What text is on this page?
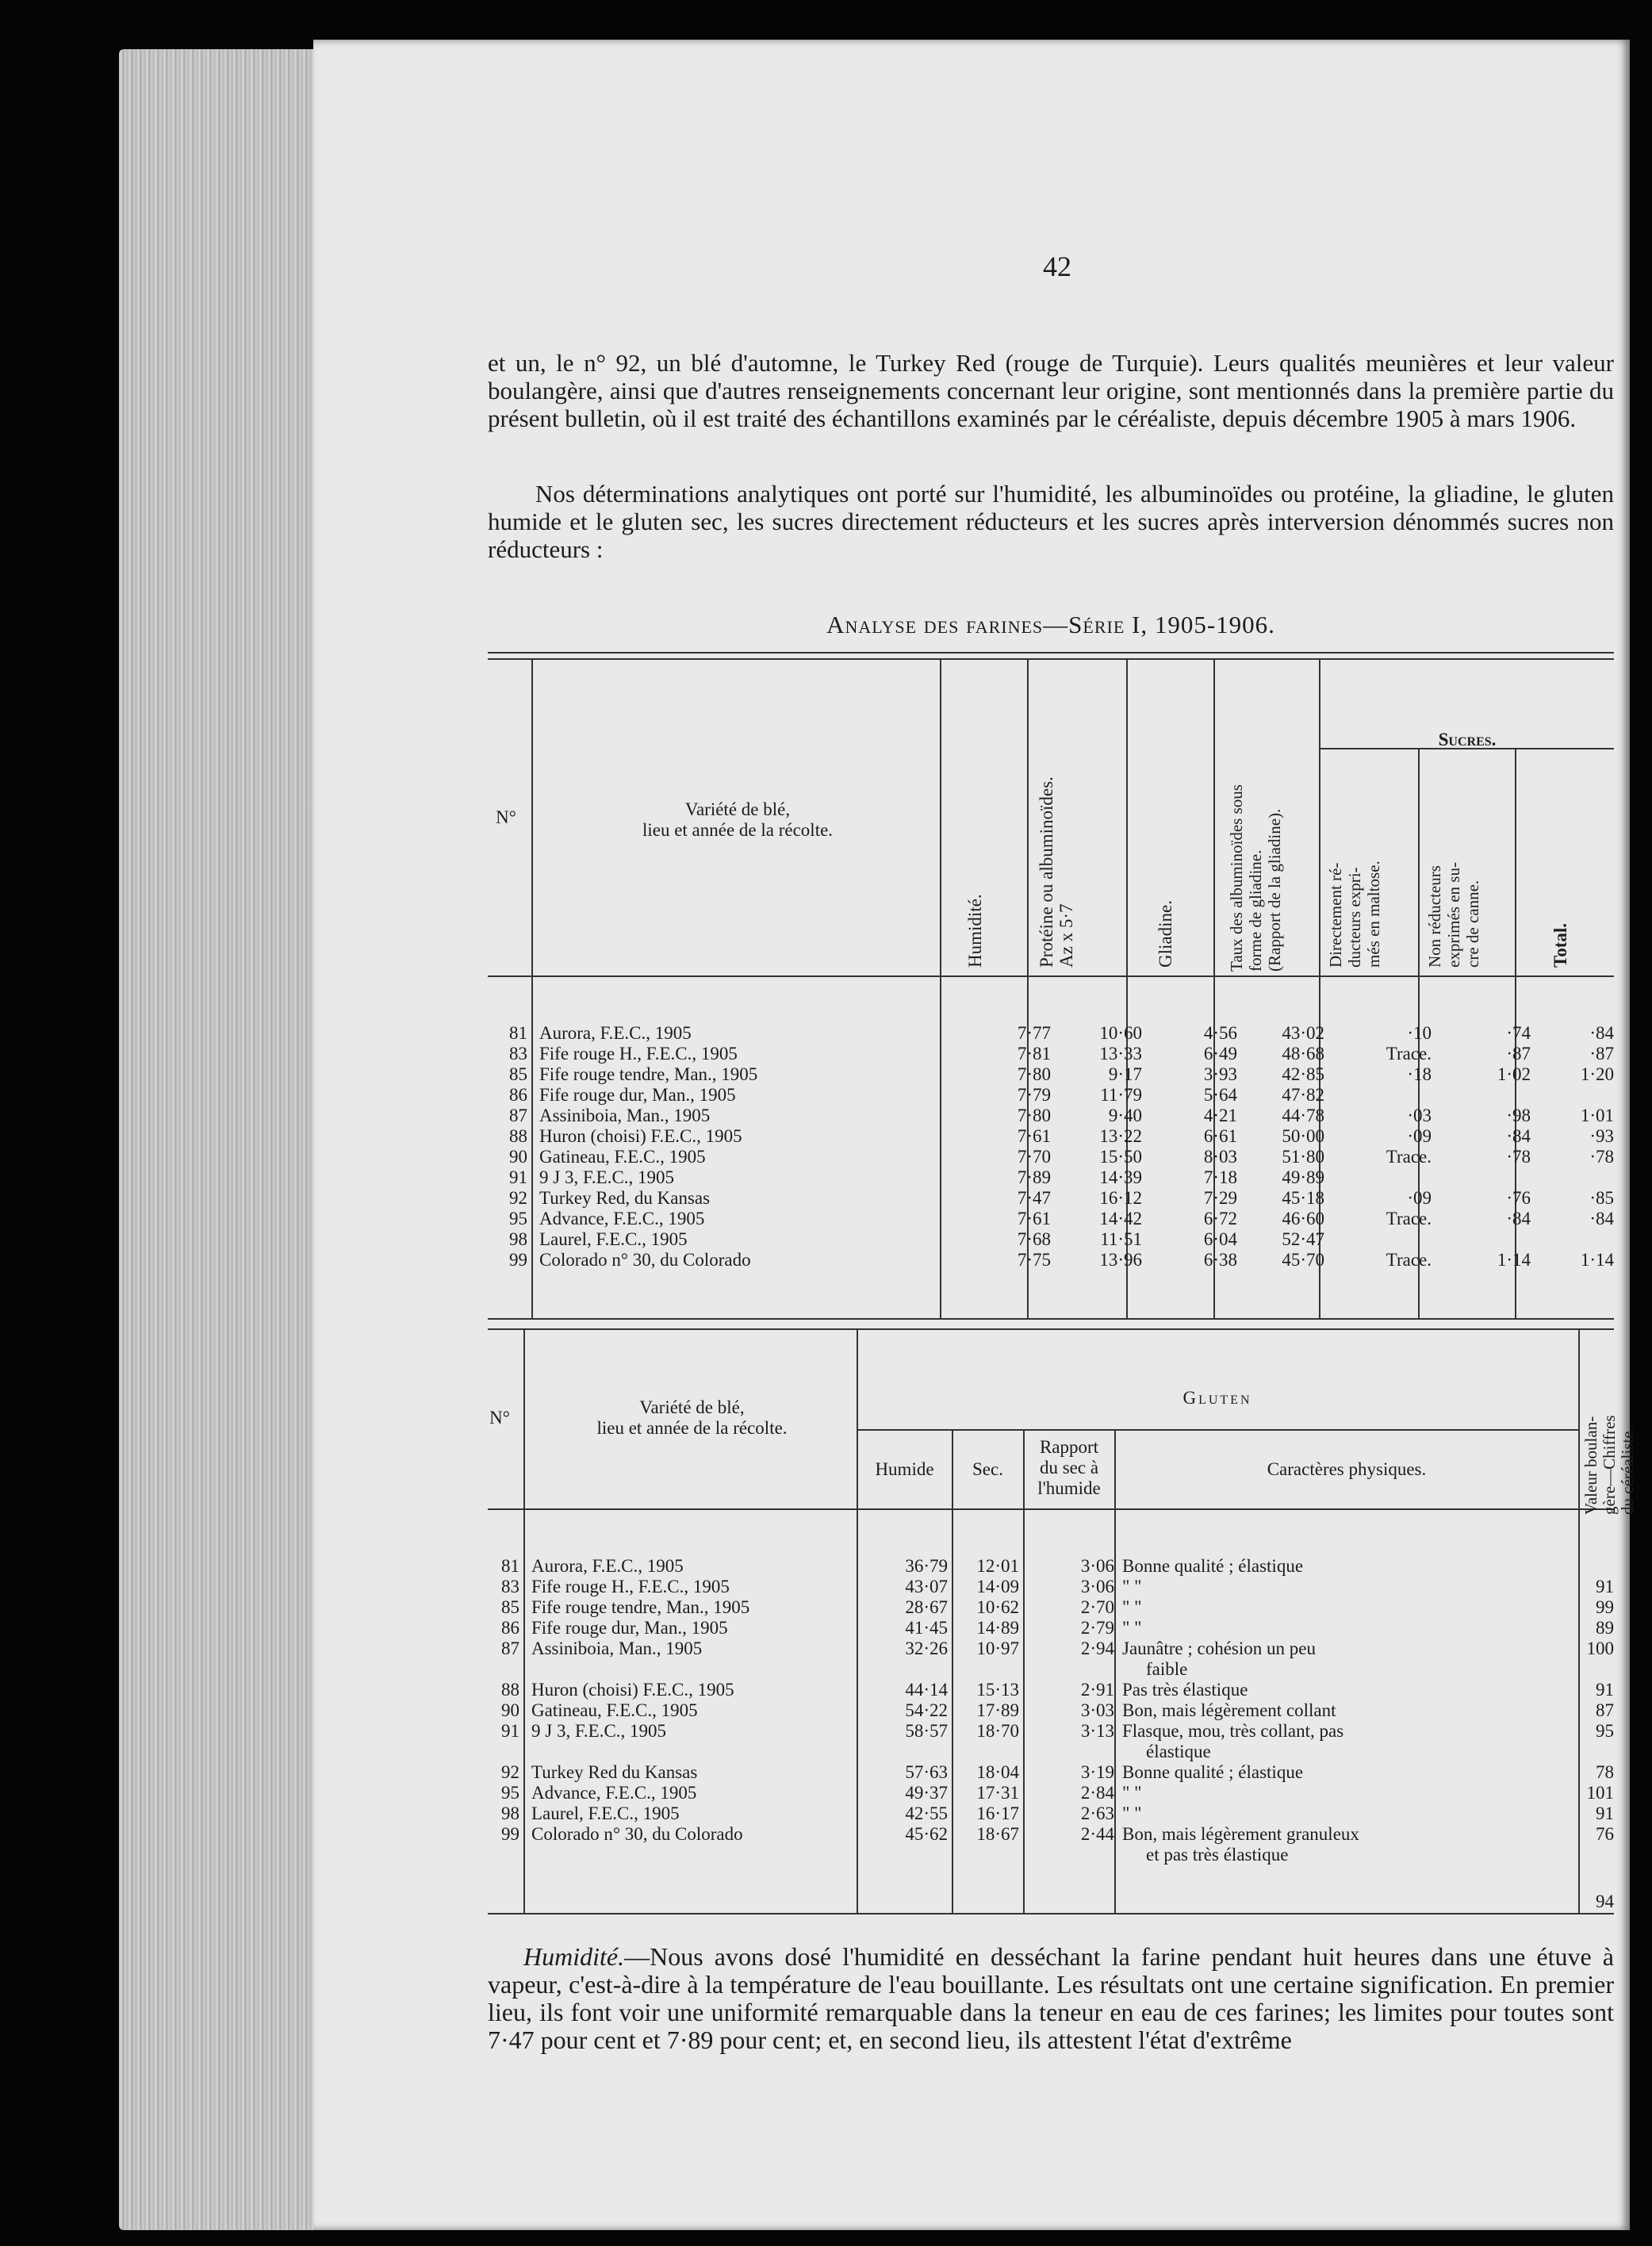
42

et un, le n° 92, un blé d'automne, le Turkey Red (rouge de Turquie). Leurs qualités meunières et leur valeur boulangère, ainsi que d'autres renseignements concernant leur origine, sont mentionnés dans la première partie du présent bulletin, où il est traité des échantillons examinés par le céréaliste, depuis décembre 1905 à mars 1906.

Nos déterminations analytiques ont porté sur l'humidité, les albuminoïdes ou protéine, la gliadine, le gluten humide et le gluten sec, les sucres directement réducteurs et les sucres après interversion dénommés sucres non réducteurs :

Analyse des farines—Série I, 1905-1906.
N°	Variété de blé,
lieu et année de la récolte.
Humidité.	Protéine ou albuminoïdes.
Az x 5·7	Gliadine.	Taux des albuminoïdes sous
forme de gliadine.
(Rapport de la gliadine).
Sucres.
Directement ré-
ducteurs expri-
més en maltose.
Non réducteurs
exprimés en su-
cre de canne.
Total.
81 Aurora, F.E.C., 1905	7·77	10·60	4·56	43·02	·10	·74	·84
83 Fife rouge H., F.E.C., 1905	7·81	13·33	6·49	48·68	Trace.	·87	·87
85 Fife rouge tendre, Man., 1905	7·80	9·17	3·93	42·85	·18	1·02	1·20
86 Fife rouge dur, Man., 1905	7·79	11·79	5·64	47·82
87 Assiniboia, Man., 1905	7·80	9·40	4·21	44·78	·03	·98	1·01
88 Huron (choisi) F.E.C., 1905	7·61	13·22	6·61	50·00	·09	·84	·93
90 Gatineau, F.E.C., 1905	7·70	15·50	8·03	51·80	Trace.	·78	·78
91 9 J 3, F.E.C., 1905	7·89	14·39	7·18	49·89
92 Turkey Red, du Kansas	7·47	16·12	7·29	45·18	·09	·76	·85
95 Advance, F.E.C., 1905	7·61	14·42	6·72	46·60	Trace.	·84	·84
98 Laurel, F.E.C., 1905	7·68	11·51	6·04	52·47
99 Colorado n° 30, du Colorado	7·75	13·96	6·38	45·70	Trace.	1·14	1·14
N°
Variété de blé,
lieu et année de la récolte.
Gluten
Humide	Sec.
Rapport
du sec à
l'humide
Caractères physiques.
Valeur boulan-
gère—Chiffres
du céréaliste.
81 Aurora, F.E.C., 1905	36·79	12·01	3·06 Bonne qualité ; élastique
83 Fife rouge H., F.E.C., 1905	43·07	14·09	3·06 " "	91
85 Fife rouge tendre, Man., 1905	28·67	10·62	2·70 " "	99
86 Fife rouge dur, Man., 1905	41·45	14·89	2·79 " "	89
87 Assiniboia, Man., 1905	32·26	10·97	2·94 Jaunâtre ; cohésion un peu	100
faible
88 Huron (choisi) F.E.C., 1905	44·14	15·13	2·91 Pas très élastique	91
90 Gatineau, F.E.C., 1905	54·22	17·89	3·03 Bon, mais légèrement collant	87
91 9 J 3, F.E.C., 1905	58·57	18·70	3·13 Flasque, mou, très collant, pas	95
élastique
92 Turkey Red du Kansas	57·63	18·04	3·19 Bonne qualité ; élastique	78
95 Advance, F.E.C., 1905	49·37	17·31	2·84 " "	101
98 Laurel, F.E.C., 1905	42·55	16·17	2·63 " "	91
99 Colorado n° 30, du Colorado	45·62	18·67	2·44 Bon, mais légèrement granuleux	76
et pas très élastique
94

Humidité.—Nous avons dosé l'humidité en desséchant la farine pendant huit heures dans une étuve à vapeur, c'est-à-dire à la température de l'eau bouillante. Les résultats ont une certaine signification. En premier lieu, ils font voir une uniformité remarquable dans la teneur en eau de ces farines; les limites pour toutes sont 7·47 pour cent et 7·89 pour cent; et, en second lieu, ils attestent l'état d'extrême
